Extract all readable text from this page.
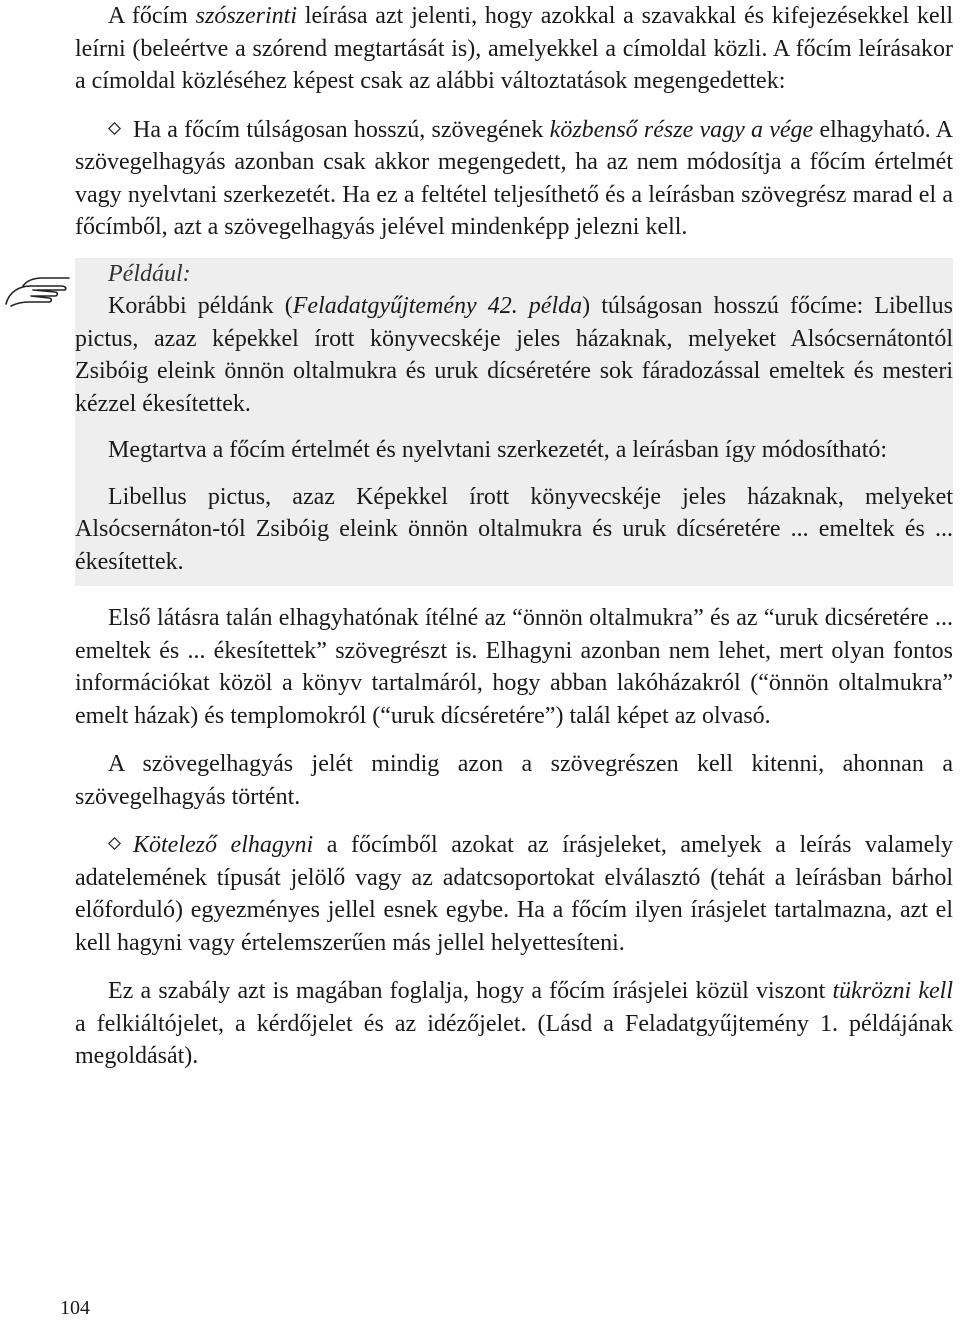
A főcím szószerinti leírása azt jelenti, hogy azokkal a szavakkal és kifejezésekkel kell leírni (beleértve a szórend megtartását is), amelyekkel a címoldal közli. A főcím leírásakor a címoldal közléséhez képest csak az alábbi változtatások megengedettek:

Ha a főcím túlságosan hosszú, szövegének közbenső része vagy a vége elhagyható. A szövegelhagyás azonban csak akkor megengedett, ha az nem módosítja a főcím értelmét vagy nyelvtani szerkezetét. Ha ez a feltétel teljesíthető és a leírásban szövegrész marad el a főcímből, azt a szövegelhagyás jelével mindenképp jelezni kell.

Például:

Korábbi példánk (Feladatgyűjtemény 42. példa) túlságosan hosszú főcíme: Libellus pictus, azaz képekkel írott könyvecskéje jeles házaknak, melyeket Alsócsernátontól Zsibóig eleink önnön oltalmukra és uruk dícséretére sok fáradozással emeltek és mesteri kézzel ékesítettek.

Megtartva a főcím értelmét és nyelvtani szerkezetét, a leírásban így módosítható:

Libellus pictus, azaz Képekkel írott könyvecskéje jeles házaknak, melyeket Alsócsernáton-tól Zsibóig eleink önnön oltalmukra és uruk dícséretére ... emeltek és ... ékesítettek.

Első látásra talán elhagyhatónak ítélné az “önnön oltalmukra” és az “uruk dicséretére ... emeltek és ... ékesítettek” szövegrészt is. Elhagyni azonban nem lehet, mert olyan fontos információkat közöl a könyv tartalmáról, hogy abban lakóházakról (“önnön oltalmukra” emelt házak) és templomokról (“uruk dícséretére”) talál képet az olvasó.

A szövegelhagyás jelét mindig azon a szövegrészen kell kitenni, ahonnan a szövegelhagyás történt.

Kötelező elhagyni a főcímből azokat az írásjeleket, amelyek a leírás valamely adatelemének típusát jelölő vagy az adatcsoportokat elválasztó (tehát a leírásban bárhol előforduló) egyezményes jellel esnek egybe. Ha a főcím ilyen írásjelet tartalmazna, azt el kell hagyni vagy értelemszerűen más jellel helyettesíteni.

Ez a szabály azt is magában foglalja, hogy a főcím írásjelei közül viszont tükrözni kell a felkiáltójelet, a kérdőjelet és az idézőjelet. (Lásd a Feladatgyűjtemény 1. példájának megoldását).

104
